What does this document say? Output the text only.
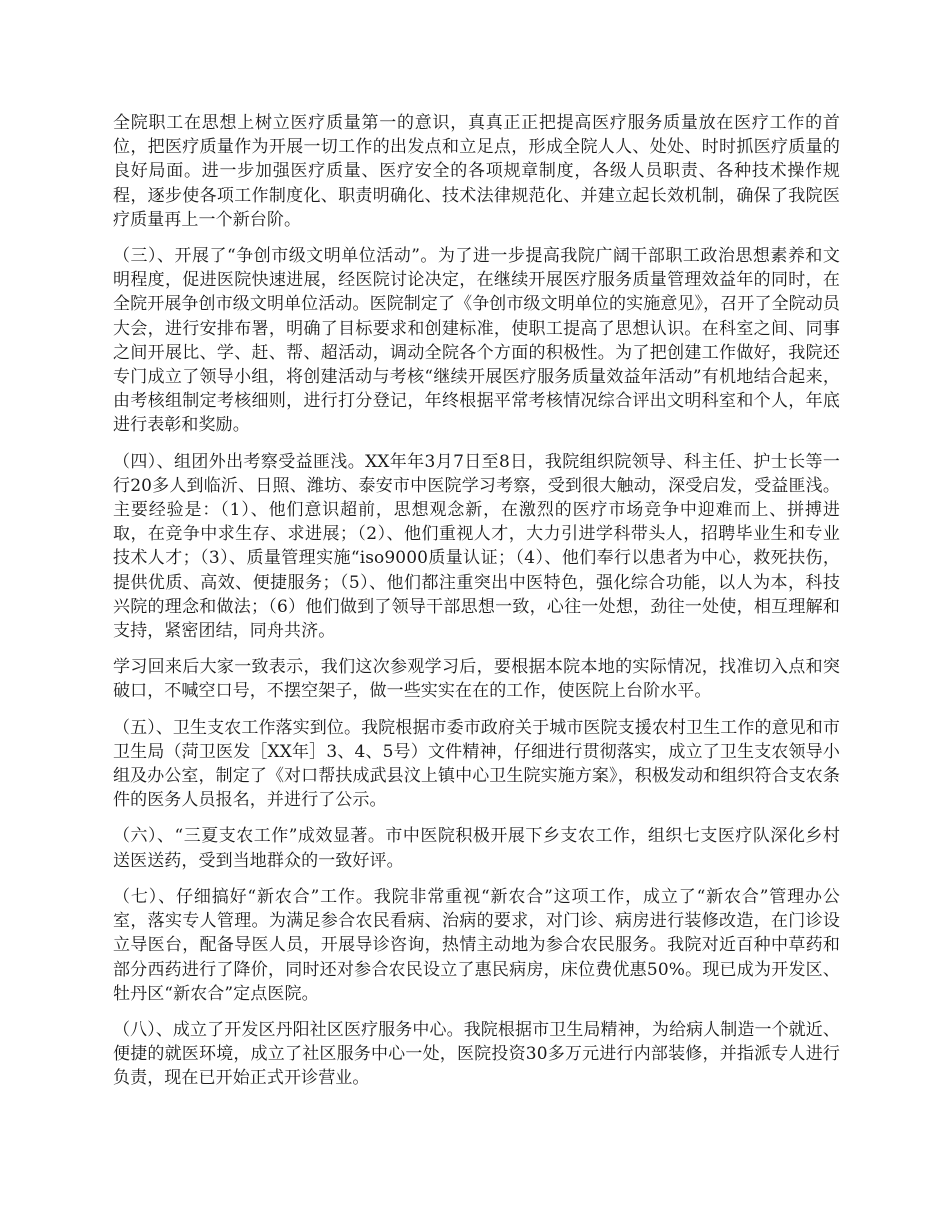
全院职工在思想上树立医疗质量第一的意识，真真正正把提高医疗服务质量放在医疗工作的首位，把医疗质量作为开展一切工作的出发点和立足点，形成全院人人、处处、时时抓医疗质量的良好局面。进一步加强医疗质量、医疗安全的各项规章制度，各级人员职责、各种技术操作规程，逐步使各项工作制度化、职责明确化、技术法律规范化、并建立起长效机制，确保了我院医疗质量再上一个新台阶。

（三）、开展了“争创市级文明单位活动”。为了进一步提高我院广阔干部职工政治思想素养和文明程度，促进医院快速进展，经医院讨论决定，在继续开展医疗服务质量管理效益年的同时，在全院开展争创市级文明单位活动。医院制定了《争创市级文明单位的实施意见》，召开了全院动员大会，进行安排布署，明确了目标要求和创建标准，使职工提高了思想认识。在科室之间、同事之间开展比、学、赶、帮、超活动，调动全院各个方面的积极性。为了把创建工作做好，我院还专门成立了领导小组，将创建活动与考核“继续开展医疗服务质量效益年活动”有机地结合起来，由考核组制定考核细则，进行打分登记，年终根据平常考核情况综合评出文明科室和个人，年底进行表彰和奖励。

（四）、组团外出考察受益匪浅。XX年年3月7日至8日，我院组织院领导、科主任、护士长等一行20多人到临沂、日照、潍坊、泰安市中医院学习考察，受到很大触动，深受启发，受益匪浅。主要经验是：（1）、他们意识超前，思想观念新，在激烈的医疗市场竞争中迎难而上、拼搏进取，在竞争中求生存、求进展；（2）、他们重视人才，大力引进学科带头人，招聘毕业生和专业技术人才；（3）、质量管理实施“iso9000质量认证；（4）、他们奉行以患者为中心，救死扶伤，提供优质、高效、便捷服务；（5）、他们都注重突出中医特色，强化综合功能，以人为本，科技兴院的理念和做法；（6）他们做到了领导干部思想一致，心往一处想，劲往一处使，相互理解和支持，紧密团结，同舟共济。

学习回来后大家一致表示，我们这次参观学习后，要根据本院本地的实际情况，找准切入点和突破口，不喊空口号，不摆空架子，做一些实实在在的工作，使医院上台阶水平。

（五）、卫生支农工作落实到位。我院根据市委市政府关于城市医院支援农村卫生工作的意见和市卫生局（菏卫医发［XX年］3、4、5号）文件精神，仔细进行贯彻落实，成立了卫生支农领导小组及办公室，制定了《对口帮扶成武县汶上镇中心卫生院实施方案》，积极发动和组织符合支农条件的医务人员报名，并进行了公示。

（六）、“三夏支农工作”成效显著。市中医院积极开展下乡支农工作，组织七支医疗队深化乡村送医送药，受到当地群众的一致好评。

（七）、仔细搞好“新农合”工作。我院非常重视“新农合”这项工作，成立了“新农合”管理办公室，落实专人管理。为满足参合农民看病、治病的要求，对门诊、病房进行装修改造，在门诊设立导医台，配备导医人员，开展导诊咨询，热情主动地为参合农民服务。我院对近百种中草药和部分西药进行了降价，同时还对参合农民设立了惠民病房，床位费优惠50%。现已成为开发区、牡丹区“新农合”定点医院。

（八）、成立了开发区丹阳社区医疗服务中心。我院根据市卫生局精神，为给病人制造一个就近、便捷的就医环境，成立了社区服务中心一处，医院投资30多万元进行内部装修，并指派专人进行负责，现在已开始正式开诊营业。
